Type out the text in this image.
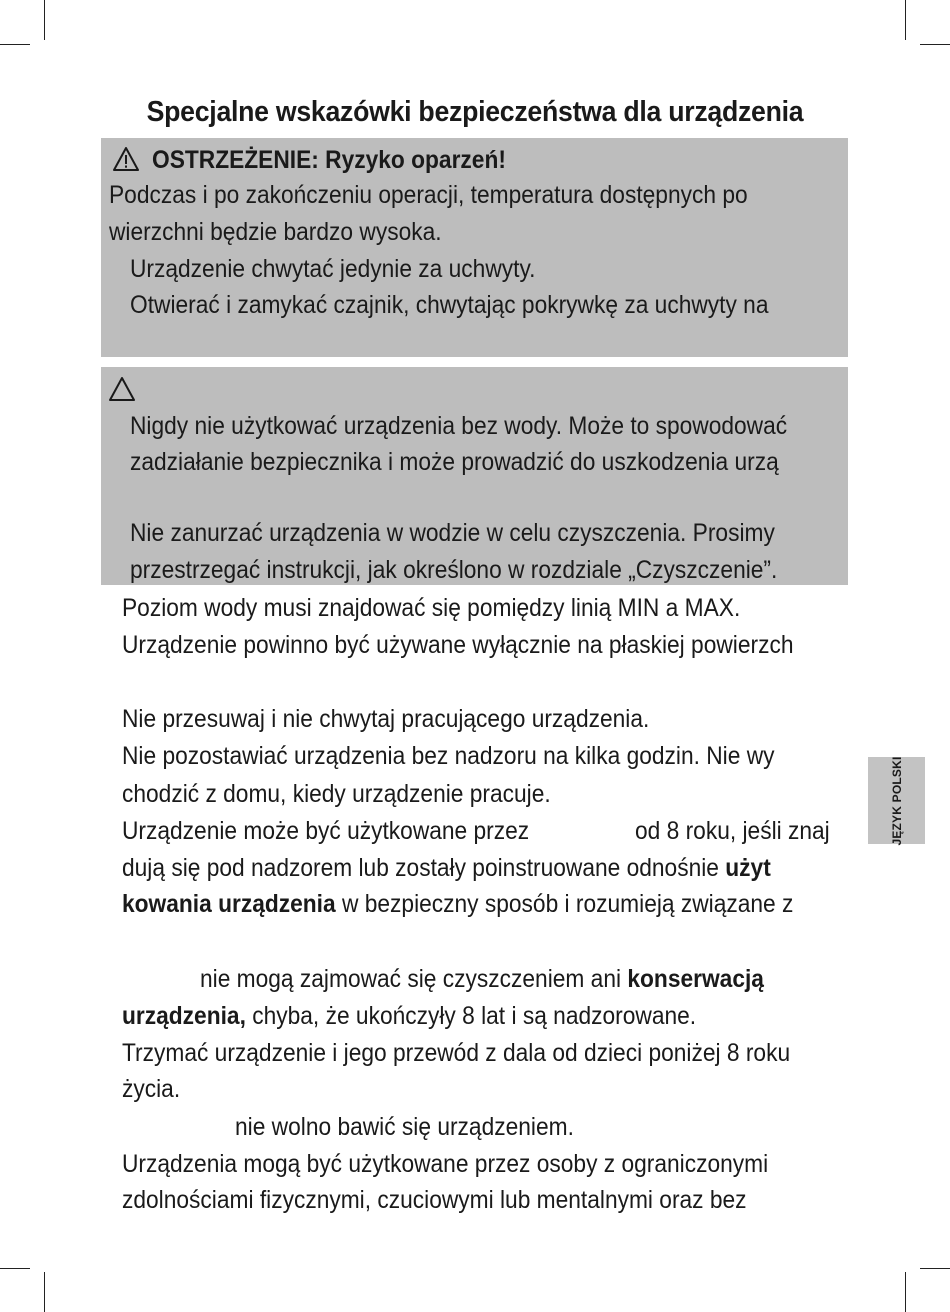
Specjalne wskazówki bezpieczeństwa dla urządzenia
OSTRZEŻENIE: Ryzyko oparzeń!
Podczas i po zakończeniu operacji, temperatura dostępnych po
wierzchni będzie bardzo wysoka.
Urządzenie chwytać jedynie za uchwyty.
Otwierać i zamykać czajnik, chwytając pokrywkę za uchwyty na
Nigdy nie użytkować urządzenia bez wody. Może to spowodować
zadziałanie bezpiecznika i może prowadzić do uszkodzenia urzą
Nie zanurzać urządzenia w wodzie w celu czyszczenia. Prosimy
przestrzegać instrukcji, jak określono w rozdziale „Czyszczenie”.
Poziom wody musi znajdować się pomiędzy linią MIN a MAX.
Urządzenie powinno być używane wyłącznie na płaskiej powierzch
Nie przesuwaj i nie chwytaj pracującego urządzenia.
Nie pozostawiać urządzenia bez nadzoru na kilka godzin. Nie wy
chodzić z domu, kiedy urządzenie pracuje.
Urządzenie może być użytkowane przez	od 8 roku, jeśli znaj
dują się pod nadzorem lub zostały poinstruowane odnośnie użyt
kowania urządzenia w bezpieczny sposób i rozumieją związane z
nie mogą zajmować się czyszczeniem ani konserwacją
urządzenia, chyba, że ukończyły 8 lat i są nadzorowane.
Trzymać urządzenie i jego przewód z dala od dzieci poniżej 8 roku
życia.
nie wolno bawić się urządzeniem.
Urządzenia mogą być użytkowane przez osoby z ograniczonymi
zdolnościami fizycznymi, czuciowymi lub mentalnymi oraz bez
JĘZYK POLSKI
